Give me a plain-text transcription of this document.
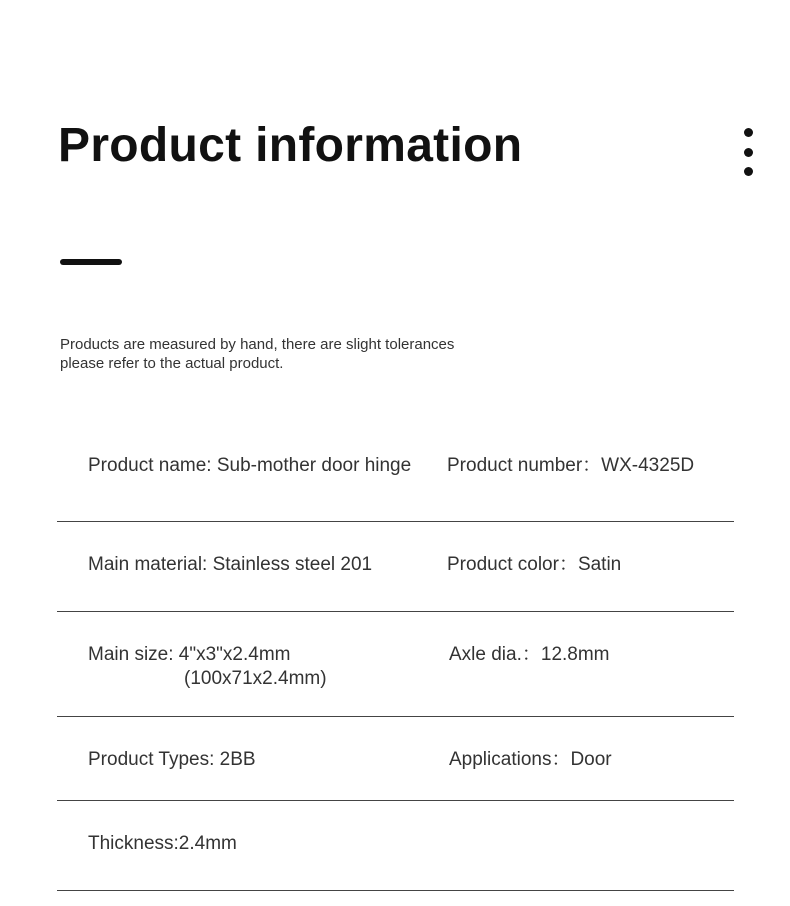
Product information
Products are measured by hand, there are slight tolerances
please refer to the actual product.
Product name: Sub-mother door hinge Product number：WX-4325D
Main material: Stainless steel 201	Product color：Satin
Main size: 4"x3"x2.4mm
(100x71x2.4mm)
Axle dia.：12.8mm
Product Types: 2BB	Applications：Door
Thickness:2.4mm
